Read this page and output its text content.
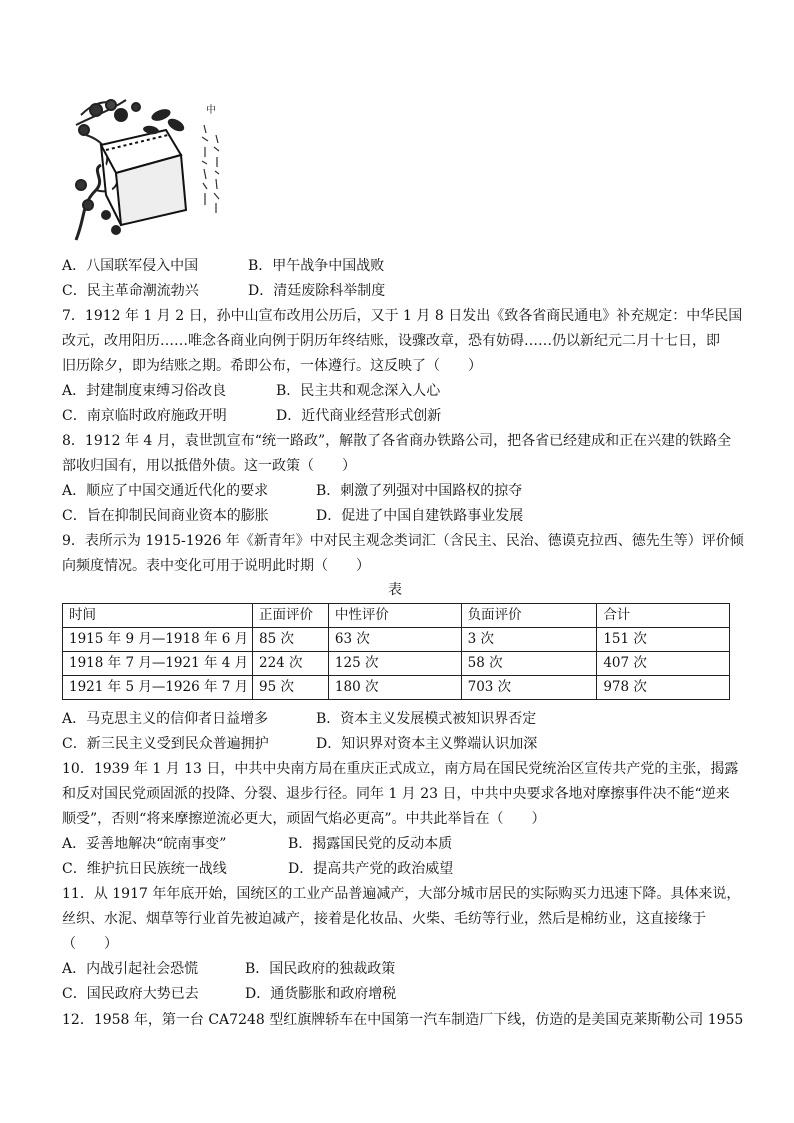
中
A．八国联军侵入中国	B．甲午战争中国战败
C．民主革命潮流勃兴	D．清廷废除科举制度
7．1912 年 1 月 2 日，孙中山宣布改用公历后，又于 1 月 8 日发出《致各省商民通电》补充规定：中华民国
改元，改用阳历……唯念各商业向例于阴历年终结账，设骤改章，恐有妨碍……仍以新纪元二月十七日，即
旧历除夕，即为结账之期。希即公布，一体遵行。这反映了（　　）
A．封建制度束缚习俗改良	B．民主共和观念深入人心
C．南京临时政府施政开明	D．近代商业经营形式创新
8．1912 年 4 月，袁世凯宣布“统一路政”，解散了各省商办铁路公司，把各省已经建成和正在兴建的铁路全
部收归国有，用以抵借外债。这一政策（　　）
A．顺应了中国交通近代化的要求	B．刺激了列强对中国路权的掠夺
C．旨在抑制民间商业资本的膨胀	D．促进了中国自建铁路事业发展
9．表所示为 1915-1926 年《新青年》中对民主观念类词汇（含民主、民治、德谟克拉西、德先生等）评价倾
向频度情况。表中变化可用于说明此时期（　　）
表
时间	正面评价	中性评价	负面评价	合计
1915 年 9 月—1918 年 6 月	85 次	63 次	3 次	151 次
1918 年 7 月—1921 年 4 月	224 次	125 次	58 次	407 次
1921 年 5 月—1926 年 7 月	95 次	180 次	703 次	978 次
A．马克思主义的信仰者日益增多	B．资本主义发展模式被知识界否定
C．新三民主义受到民众普遍拥护	D．知识界对资本主义弊端认识加深
10．1939 年 1 月 13 日，中共中央南方局在重庆正式成立，南方局在国民党统治区宣传共产党的主张，揭露
和反对国民党顽固派的投降、分裂、退步行径。同年 1 月 23 日，中共中央要求各地对摩擦事件决不能“逆来
顺受”，否则“将来摩擦逆流必更大，顽固气焰必更高”。中共此举旨在（　　）
A．妥善地解决“皖南事变”	B．揭露国民党的反动本质
C．维护抗日民族统一战线	D．提高共产党的政治威望
11．从 1917 年年底开始，国统区的工业产品普遍减产，大部分城市居民的实际购买力迅速下降。具体来说，
丝织、水泥、烟草等行业首先被迫减产，接着是化妆品、火柴、毛纺等行业，然后是棉纺业，这直接缘于
（　　）
A．内战引起社会恐慌	B．国民政府的独裁政策
C．国民政府大势已去	D．通货膨胀和政府增税
12．1958 年，第一台 CA7248 型红旗牌轿车在中国第一汽车制造厂下线，仿造的是美国克莱斯勒公司 1955
